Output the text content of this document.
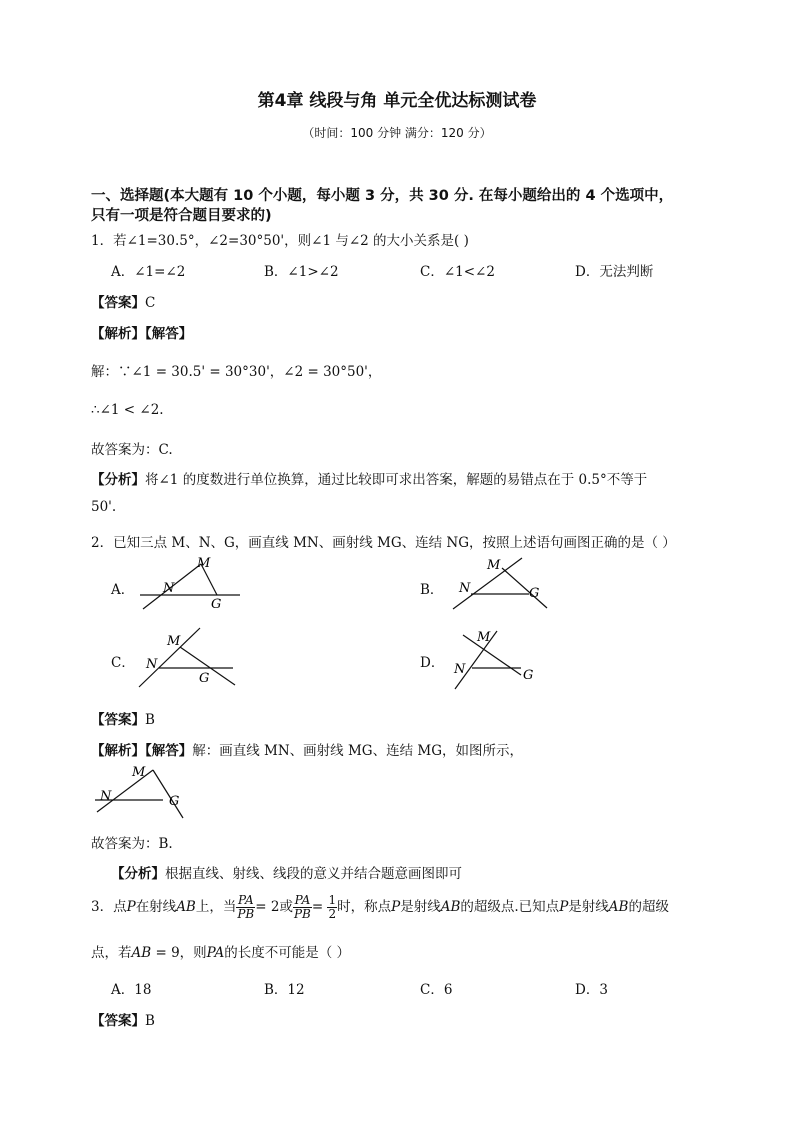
第4章 线段与角 单元全优达标测试卷
（时间：100 分钟 满分：120 分）
一、选择题(本大题有 10 个小题，每小题 3 分，共 30 分. 在每小题给出的 4 个选项中，
只有一项是符合题目要求的)
1．若∠1=30.5°，∠2=30°50'，则∠1 与∠2 的大小关系是( )
A．∠1=∠2	B．∠1>∠2	C．∠1<∠2	D．无法判断
【答案】C
【解析】【解答】
解：∵∠1 = 30.5' = 30°30'，∠2 = 30°50'，
∴∠1 < ∠2.
故答案为：C.
【分析】将∠1 的度数进行单位换算，通过比较即可求出答案，解题的易错点在于 0.5°不等于
50'.
2．已知三点 M、N、G，画直线 MN、画射线 MG、连结 NG，按照上述语句画图正确的是（ ）
A．
M
N
G
B．
M
N	G
C．
M
N
G
D．
M
N	G
【答案】B
【解析】【解答】解：画直线 MN、画射线 MG、连结 MG，如图所示，
M
N	G
故答案为：B.
【分析】根据直线、射线、线段的意义并结合题意画图即可
3．点P在射线AB上，当 $\frac{PA}{PB} = 2$或 $\frac{PA}{PB} = \frac{1}{2}$ 时，称点P是射线AB的超级点.已知点P是射线AB的超级
点，若AB = 9，则PA的长度不可能是（ ）
A．18	B．12	C．6	D．3
【答案】B
